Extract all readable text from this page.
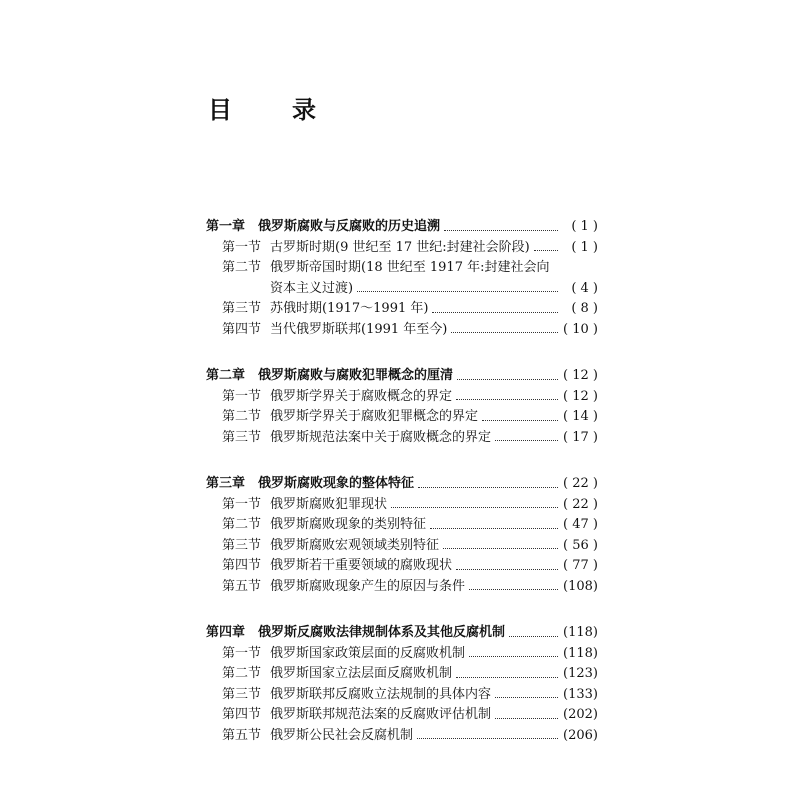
目　录
第一章 俄罗斯腐败与反腐败的历史追溯	( 1 )
第一节 古罗斯时期(9 世纪至 17 世纪:封建社会阶段)	( 1 )
第二节 俄罗斯帝国时期(18 世纪至 1917 年:封建社会向
资本主义过渡)	( 4 )
第三节 苏俄时期(1917～1991 年)	( 8 )
第四节 当代俄罗斯联邦(1991 年至今)	( 10 )
第二章 俄罗斯腐败与腐败犯罪概念的厘清	( 12 )
第一节 俄罗斯学界关于腐败概念的界定	( 12 )
第二节 俄罗斯学界关于腐败犯罪概念的界定	( 14 )
第三节 俄罗斯规范法案中关于腐败概念的界定	( 17 )
第三章 俄罗斯腐败现象的整体特征	( 22 )
第一节 俄罗斯腐败犯罪现状	( 22 )
第二节 俄罗斯腐败现象的类别特征	( 47 )
第三节 俄罗斯腐败宏观领域类别特征	( 56 )
第四节 俄罗斯若干重要领域的腐败现状	( 77 )
第五节 俄罗斯腐败现象产生的原因与条件	(108)
第四章 俄罗斯反腐败法律规制体系及其他反腐机制	(118)
第一节 俄罗斯国家政策层面的反腐败机制	(118)
第二节 俄罗斯国家立法层面反腐败机制	(123)
第三节 俄罗斯联邦反腐败立法规制的具体内容	(133)
第四节 俄罗斯联邦规范法案的反腐败评估机制	(202)
第五节 俄罗斯公民社会反腐机制	(206)
